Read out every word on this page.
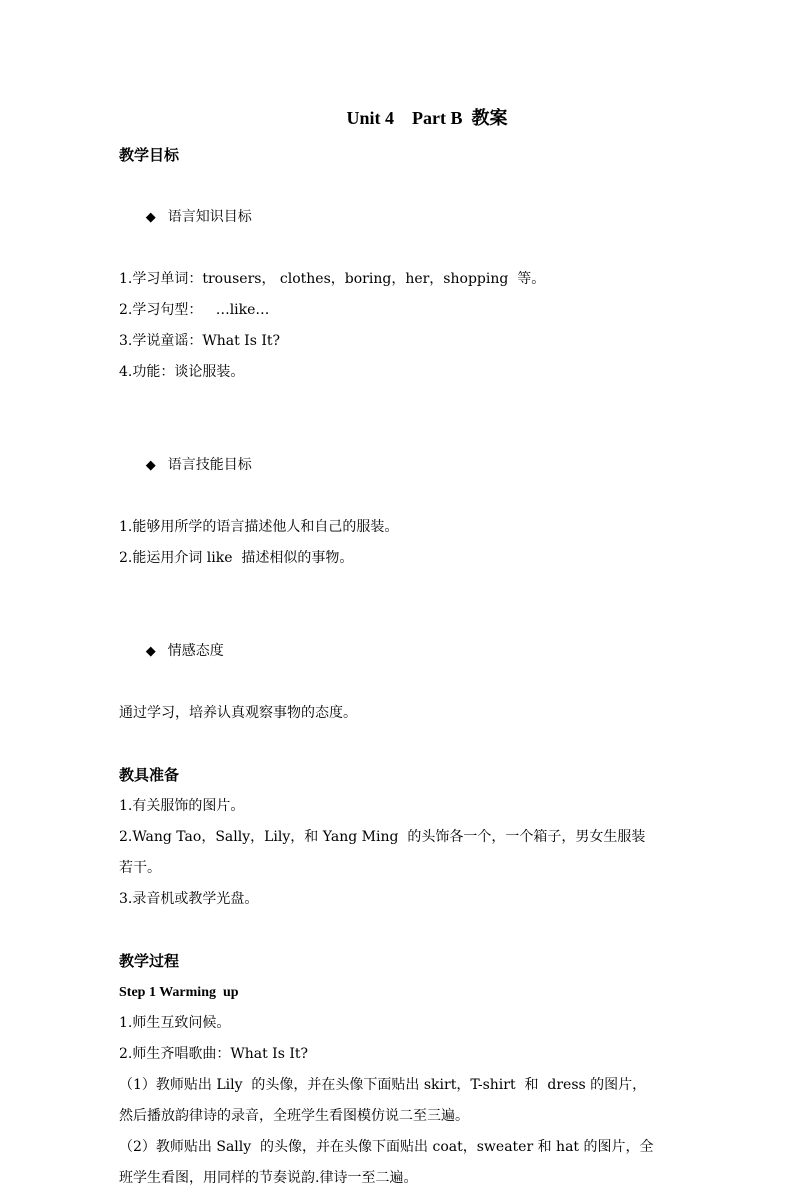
Unit 4    Part B  教案
教学目标

◆ 语言知识目标

1.学习单词：trousers， clothes，boring，her，shopping  等。
2.学习句型：   …like…
3.学说童谣：What Is It?
4.功能：谈论服装。

◆ 语言技能目标

1.能够用所学的语言描述他人和自己的服装。
2.能运用介词 like  描述相似的事物。

◆ 情感态度

通过学习，培养认真观察事物的态度。
教具准备
1.有关服饰的图片。
2.Wang Tao，Sally，Lily，和 Yang Ming  的头饰各一个，一个箱子，男女生服装
若干。
3.录音机或教学光盘。
教学过程
Step 1 Warming  up
1.师生互致问候。
2.师生齐唱歌曲：What Is It?
（1）教师贴出 Lily  的头像，并在头像下面贴出 skirt，T-shirt  和  dress 的图片，
然后播放韵律诗的录音，全班学生看图模仿说二至三遍。
（2）教师贴出 Sally  的头像，并在头像下面贴出 coat，sweater 和 hat 的图片，全
班学生看图，用同样的节奏说韵.律诗一至二遍。
